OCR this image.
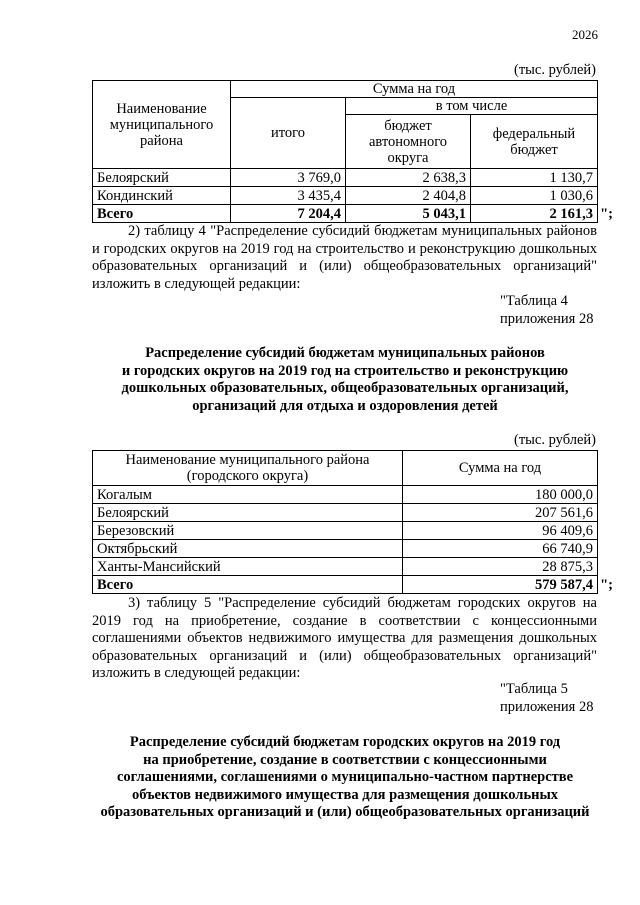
2026
(тыс. рублей)
Наименование муниципального района	Сумма на год		
	итого	в том числе	
		бюджет автономного округа	федеральный бюджет
Белоярский	3 769,0	2 638,3	1 130,7
Кондинский	3 435,4	2 404,8	1 030,6
Всего	7 204,4	5 043,1	2 161,3 ";
2) таблицу 4 "Распределение субсидий бюджетам муниципальных районов и городских округов на 2019 год на строительство и реконструкцию дошкольных образовательных организаций и (или) общеобразовательных организаций" изложить в следующей редакции:
"Таблица 4
приложения 28
Распределение субсидий бюджетам муниципальных районов
и городских округов на 2019 год на строительство и реконструкцию
дошкольных образовательных, общеобразовательных организаций,
организаций для отдыха и оздоровления детей
(тыс. рублей)
Наименование муниципального района (городского округа)	Сумма на год
Когалым	180 000,0
Белоярский	207 561,6
Березовский	96 409,6
Октябрьский	66 740,9
Ханты-Мансийский	28 875,3
Всего	579 587,4 ";
3) таблицу 5 "Распределение субсидий бюджетам городских округов на 2019 год на приобретение, создание в соответствии с концессионными соглашениями объектов недвижимого имущества для размещения дошкольных образовательных организаций и (или) общеобразовательных организаций" изложить в следующей редакции:
"Таблица 5
приложения 28
Распределение субсидий бюджетам городских округов на 2019 год
на приобретение, создание в соответствии с концессионными
соглашениями, соглашениями о муниципально-частном партнерстве
объектов недвижимого имущества для размещения дошкольных
образовательных организаций и (или) общеобразовательных организаций
